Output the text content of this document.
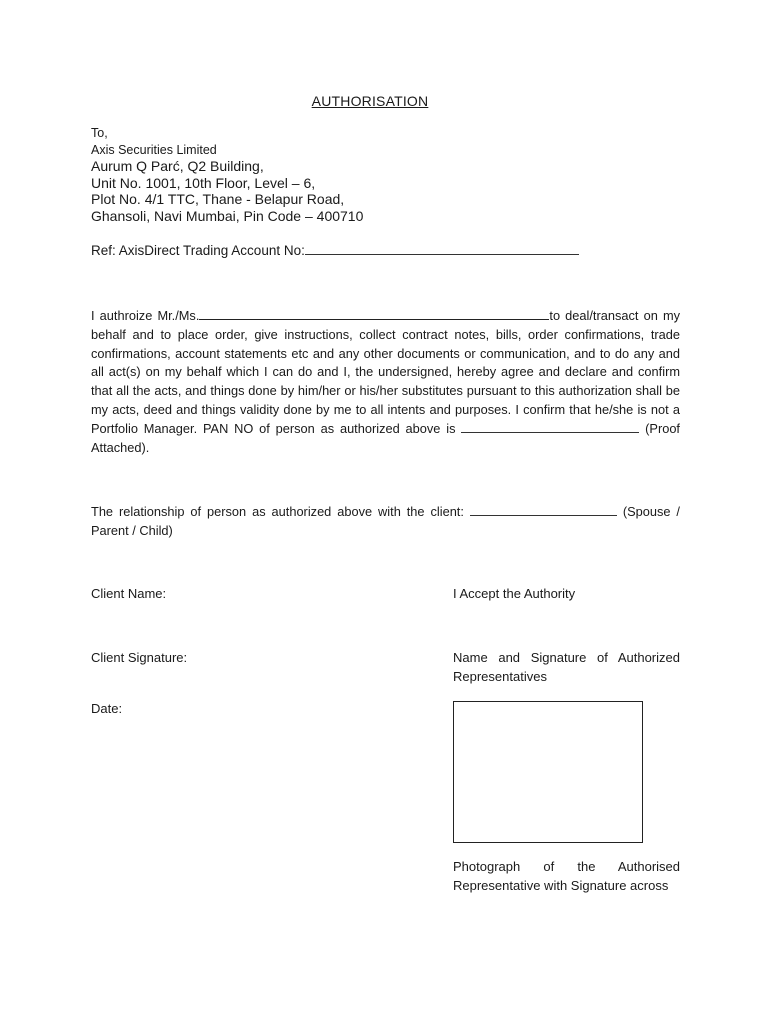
AUTHORISATION
To,
Axis Securities Limited
Aurum Q Parć, Q2 Building,
Unit No. 1001, 10th Floor, Level – 6,
Plot No. 4/1 TTC, Thane - Belapur Road,
Ghansoli, Navi Mumbai, Pin Code – 400710
Ref: AxisDirect Trading Account No:
I authroize Mr./Ms.	to deal/transact on my behalf and to place order, give instructions, collect contract notes, bills, order confirmations, trade confirmations, account statements etc and any other documents or communication, and to do any and all act(s) on my behalf which I can do and I, the undersigned, hereby agree and declare and confirm that all the acts, and things done by him/her or his/her substitutes pursuant to this authorization shall be my acts, deed and things validity done by me to all intents and purposes. I confirm that he/she is not a Portfolio Manager. PAN NO of person as authorized above is	(Proof Attached).
The relationship of person as authorized above with the client:	(Spouse / Parent / Child)
Client Name:
Client Signature:
Date:
I Accept the Authority
Name and Signature of Authorized
Representatives
Photograph of the Authorised
Representative with Signature across
